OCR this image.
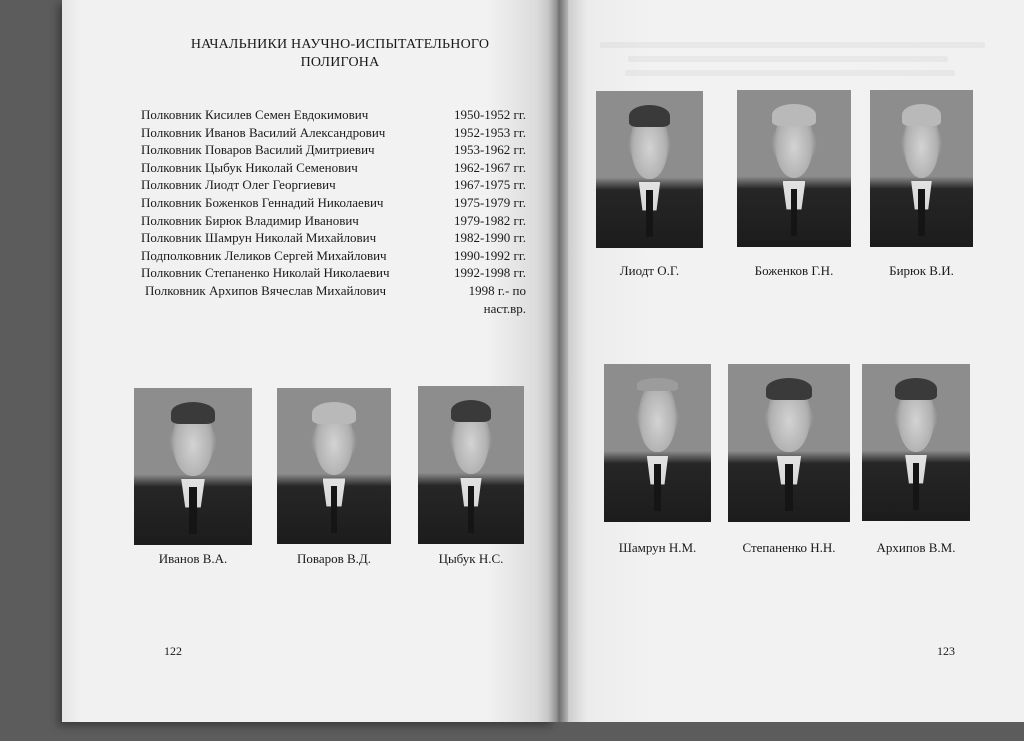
НАЧАЛЬНИКИ НАУЧНО-ИСПЫТАТЕЛЬНОГО
ПОЛИГОНА
Полковник Кисилев Семен Евдокимович	1950-1952 гг.
Полковник Иванов Василий Александрович	1952-1953 гг.
Полковник Поваров Василий Дмитриевич	1953-1962 гг.
Полковник Цыбук Николай Семенович	1962-1967 гг.
Полковник Лиодт Олег Георгиевич	1967-1975 гг.
Полковник Боженков Геннадий Николаевич	1975-1979 гг.
Полковник Бирюк Владимир Иванович	1979-1982 гг.
Полковник Шамрун Николай Михайлович	1982-1990 гг.
Подполковник Леликов Сергей Михайлович	1990-1992 гг.
Полковник Степаненко Николай Николаевич	1992-1998 гг.
Полковник Архипов Вячеслав Михайлович	1998 г.- по
наст.вр.
Иванов В.А.	Поваров В.Д.	Цыбук Н.С.
122
Лиодт О.Г.	Боженков Г.Н.	Бирюк В.И.
Шамрун Н.М.	Степаненко Н.Н.	Архипов В.М.
123
